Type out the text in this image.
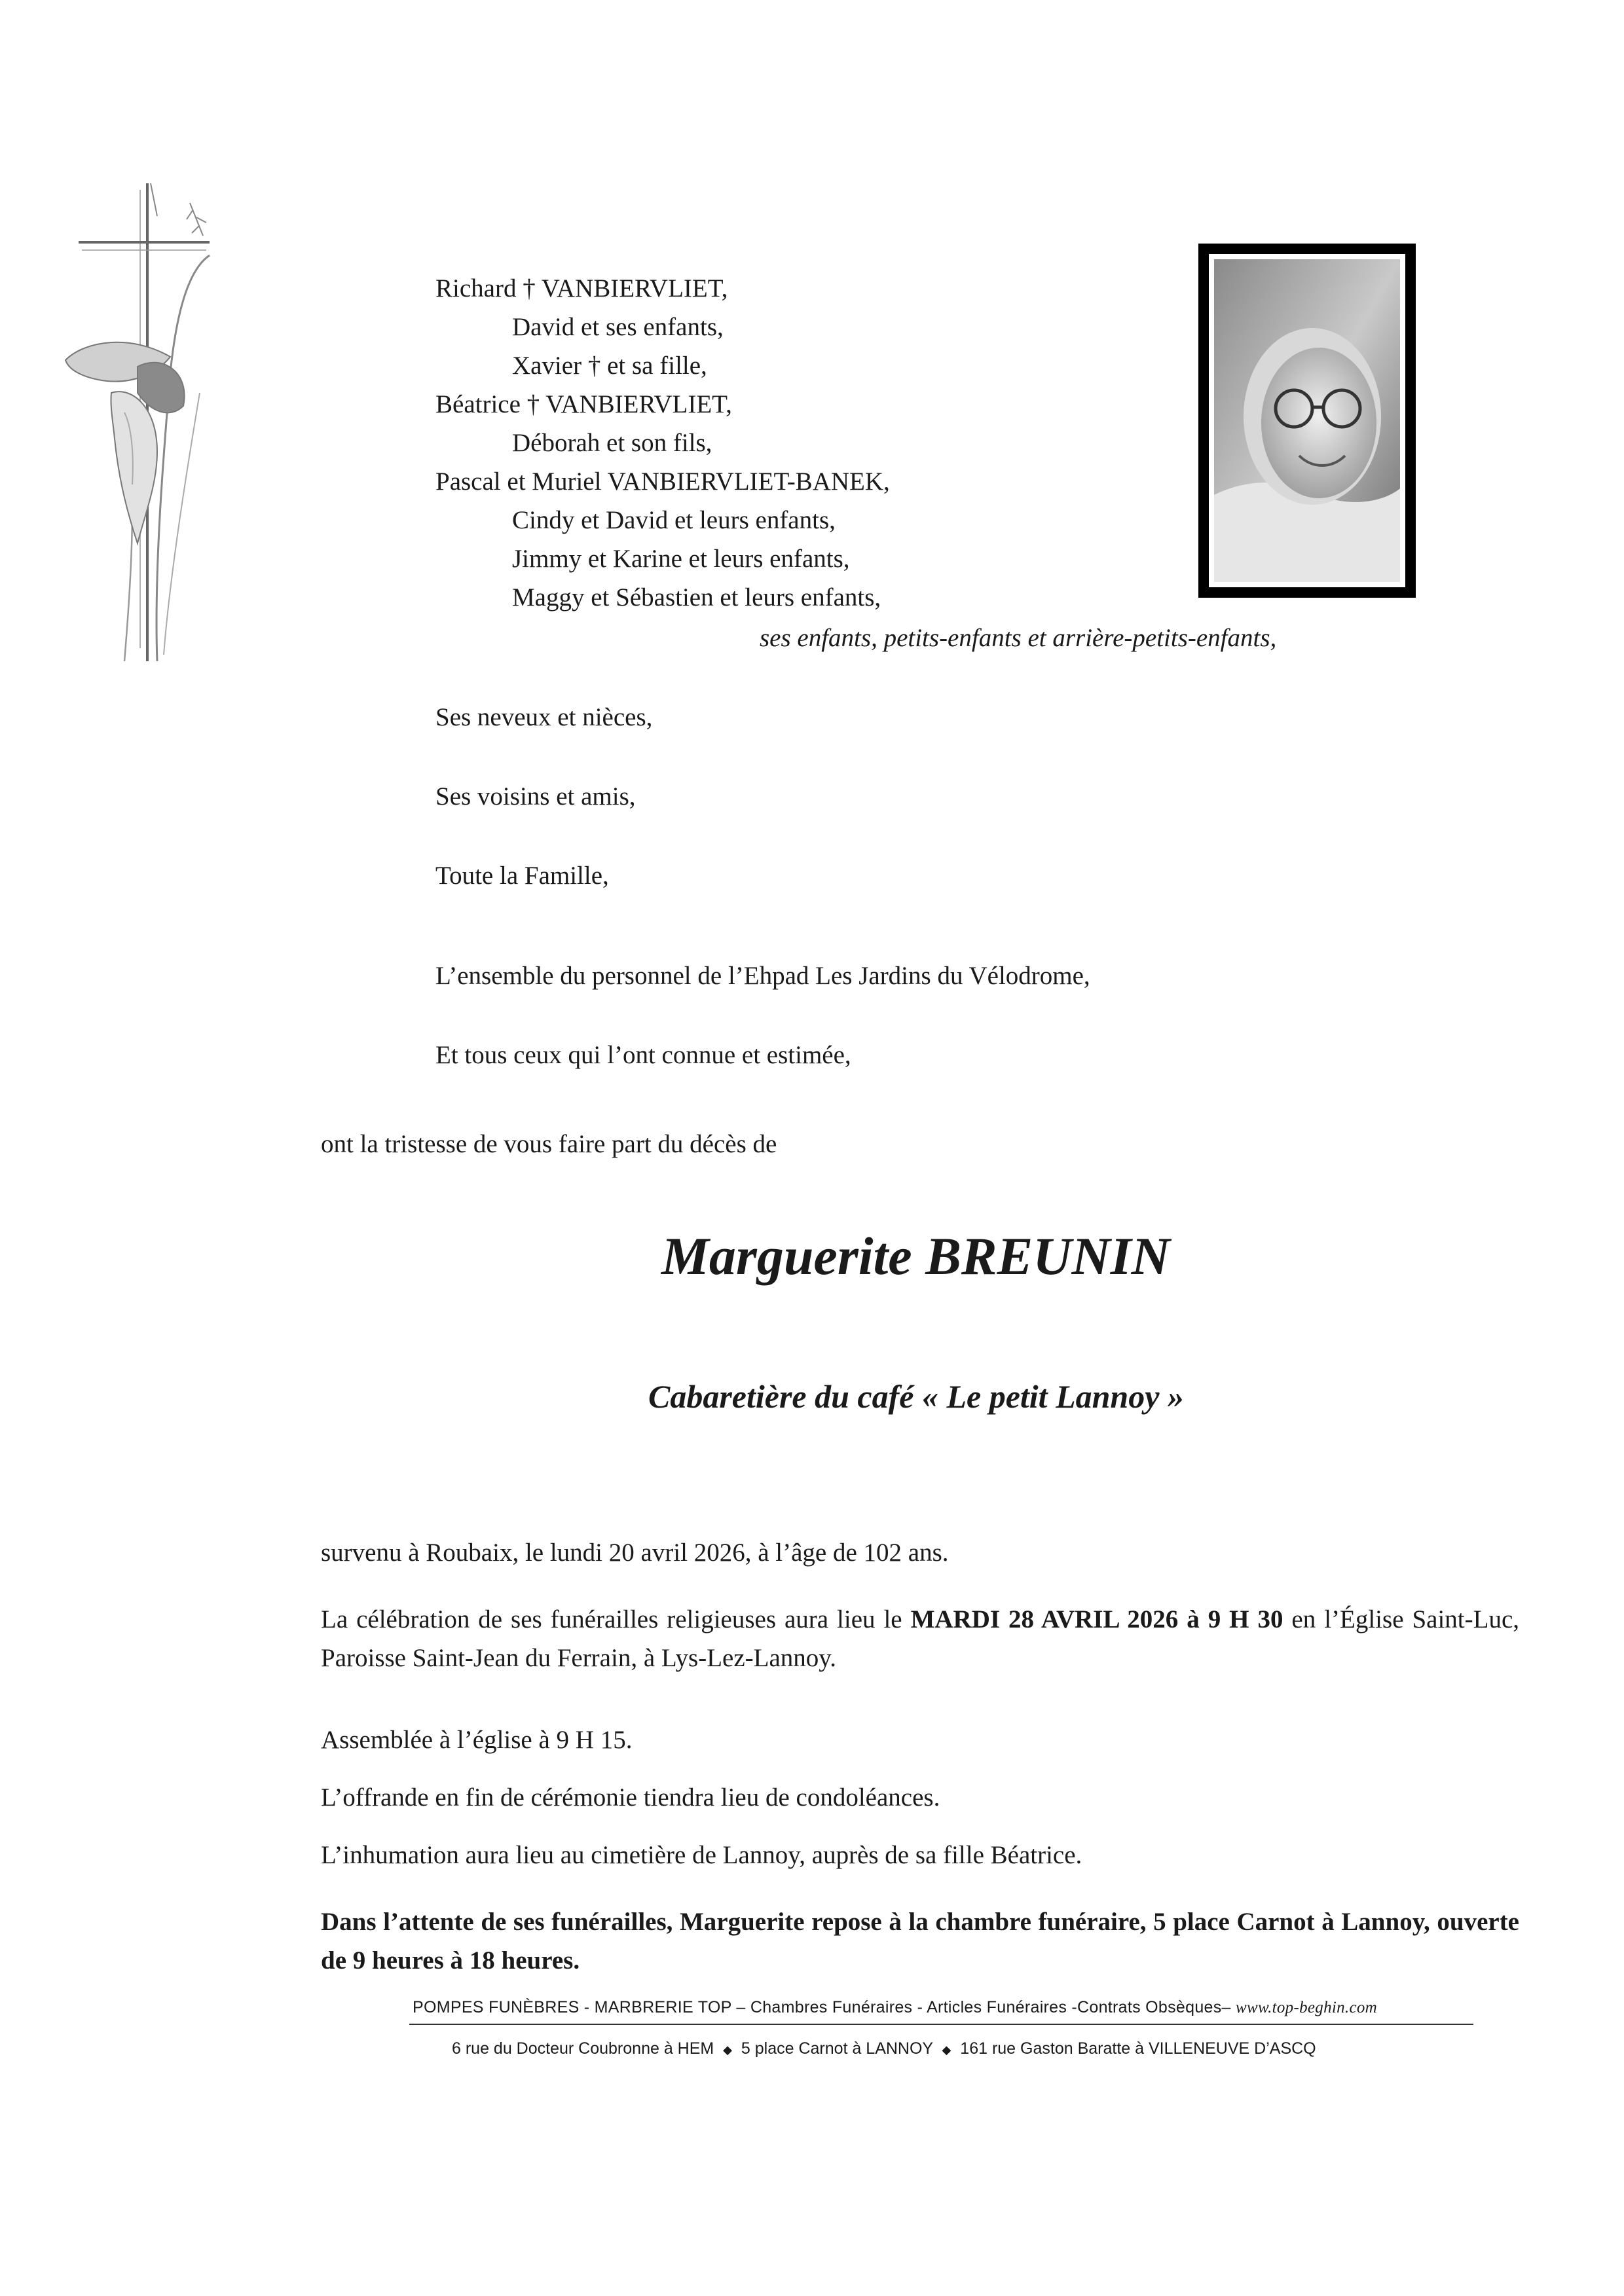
Richard † VANBIERVLIET,
David et ses enfants,
Xavier † et sa fille,
Béatrice † VANBIERVLIET,
Déborah et son fils,
Pascal et Muriel VANBIERVLIET-BANEK,
Cindy et David et leurs enfants,
Jimmy et Karine et leurs enfants,
Maggy et Sébastien et leurs enfants,
ses enfants, petits-enfants et arrière-petits-enfants,
Ses neveux et nièces,
Ses voisins et amis,
Toute la Famille,
L’ensemble du personnel de l’Ehpad Les Jardins du Vélodrome,
Et tous ceux qui l’ont connue et estimée,
ont la tristesse de vous faire part du décès de
Marguerite BREUNIN
Cabaretière du café « Le petit Lannoy »
survenu à Roubaix, le lundi 20 avril 2026, à l’âge de 102 ans.
La célébration de ses funérailles religieuses aura lieu le MARDI 28 AVRIL 2026 à 9 H 30 en l’Église Saint-Luc, Paroisse Saint-Jean du Ferrain, à Lys-Lez-Lannoy.
Assemblée à l’église à 9 H 15.
L’offrande en fin de cérémonie tiendra lieu de condoléances.
L’inhumation aura lieu au cimetière de Lannoy, auprès de sa fille Béatrice.
Dans l’attente de ses funérailles, Marguerite repose à la chambre funéraire, 5 place Carnot à Lannoy, ouverte de 9 heures à 18 heures.
POMPES FUNÈBRES - MARBRERIE TOP – Chambres Funéraires - Articles Funéraires -Contrats Obsèques– www.top-beghin.com
6 rue du Docteur Coubronne à HEM ◆ 5 place Carnot à LANNOY ◆ 161 rue Gaston Baratte à VILLENEUVE D’ASCQ
